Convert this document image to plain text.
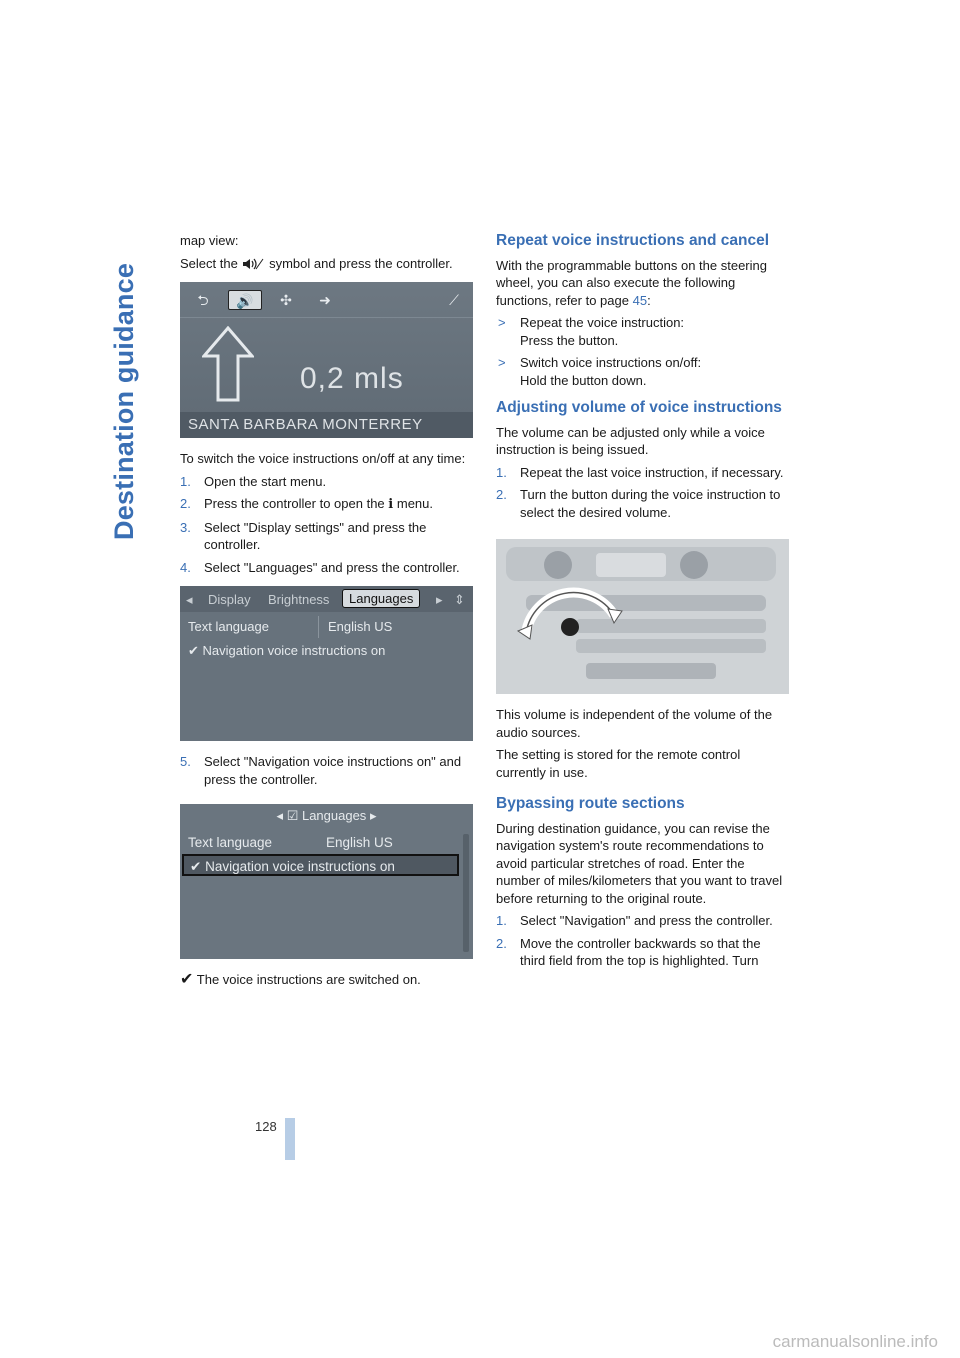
Destination guidance

map view:

Select the symbol and press the controller.

⮌	🔊	✣	➜	⟋
0,2 mls
SANTA BARBARA MONTERREY

To switch the voice instructions on/off at any time:

1. Open the start menu.
2. Press the controller to open the i menu.
3. Select "Display settings" and press the controller.
4. Select "Languages" and press the controller.
◂ Display Brightness	Languages	▸ ⇕
Text language	English US
✔ Navigation voice instructions on
5. Select "Navigation voice instructions on" and press the controller.
◂ ☑ Languages ▸
Text language	English US
✔ Navigation voice instructions on

✔ The voice instructions are switched on.

Repeat voice instructions and cancel

With the programmable buttons on the steering wheel, you can also execute the following functions, refer to page 45:

> Repeat the voice instruction:
Press the button.
> Switch voice instructions on/off:
Hold the button down.
Adjusting volume of voice instructions

The volume can be adjusted only while a voice instruction is being issued.

1. Repeat the last voice instruction, if necessary.
2. Turn the button during the voice instruction to select the desired volume.

This volume is independent of the volume of the audio sources.

The setting is stored for the remote control currently in use.

Bypassing route sections

During destination guidance, you can revise the navigation system's route recommendations to avoid particular stretches of road. Enter the number of miles/kilometers that you want to travel before returning to the original route.

1. Select "Navigation" and press the controller.
2. Move the controller backwards so that the third field from the top is highlighted. Turn
128
carmanualsonline.info
